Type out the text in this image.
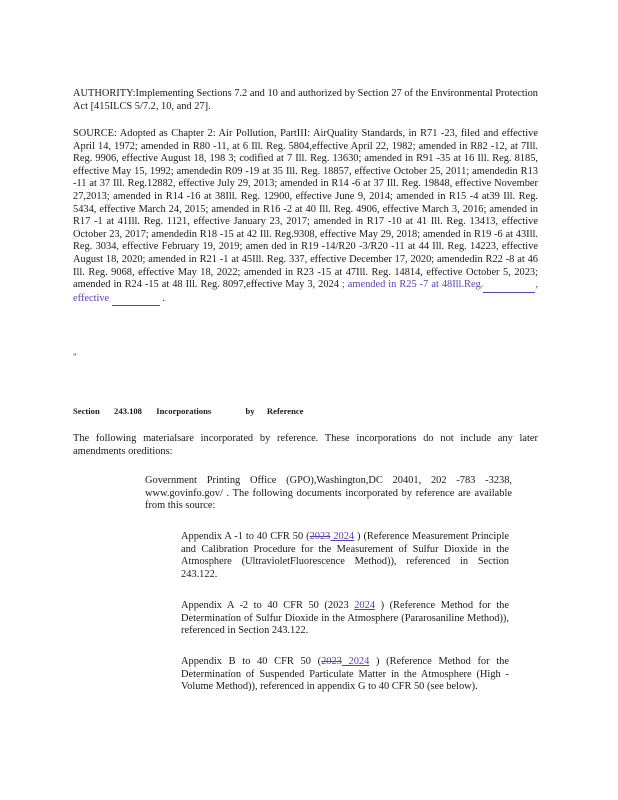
AUTHORITY:Implementing Sections 7.2 and 10 and authorized by Section 27 of the Environmental Protection Act [415ILCS 5/7.2, 10, and 27].
SOURCE: Adopted as Chapter 2: Air Pollution, PartIII: AirQuality Standards, in R71 -23, filed and effective April 14, 1972; amended in R80 -11, at 6 Ill. Reg. 5804,effective April 22, 1982; amended in R82 -12, at 7Ill. Reg. 9906, effective August 18, 198 3; codified at 7 Ill. Reg. 13630; amended in R91 -35 at 16 Ill. Reg. 8185, effective May 15, 1992; amendedin R09 -19 at 35 Ill. Reg. 18857, effective October 25, 2011; amendedin R13 -11 at 37 Ill. Reg.12882, effective July 29, 2013; amended in R14 -6 at 37 Ill. Reg. 19848, effective November 27,2013; amended in R14 -16 at 38Ill. Reg. 12900, effective June 9, 2014; amended in R15 -4 at39 Ill. Reg. 5434, effective March 24, 2015; amended in R16 -2 at 40 Ill. Reg. 4906, effective March 3, 2016; amended in R17 -1 at 41Ill. Reg. 1121, effective January 23, 2017; amended in R17 -10 at 41 Ill. Reg. 13413, effective October 23, 2017; amendedin R18 -15 at 42 Ill. Reg.9308, effective May 29, 2018; amended in R19 -6 at 43Ill. Reg. 3034, effective February 19, 2019; amen ded in R19 -14/R20 -3/R20 -11 at 44 Ill. Reg. 14223, effective August 18, 2020; amended in R21 -1 at 45Ill. Reg. 337, effective December 17, 2020; amendedin R22 -8 at 46 Ill. Reg. 9068, effective May 18, 2022; amended in R23 -15 at 47Ill. Reg. 14814, effective October 5, 2023; amended in R24 -15 at 48 Ill. Reg. 8097,effective May 3, 2024 ; amended in R25 -7 at 48Ill.Reg.	, effective	.
"
Section 243.108 Incorporations	by Reference
The following materialsare incorporated by reference. These incorporations do not include any later amendments oreditions:
Government Printing Office (GPO),Washington,DC 20401, 202 -783 -3238, www.govinfo.gov/ . The following documents incorporated by reference are available from this source:
Appendix A -1 to 40 CFR 50 (2023 2024 ) (Reference Measurement Principle and Calibration Procedure for the Measurement of Sulfur Dioxide in the Atmosphere (UltravioletFluorescence Method)), referenced in Section 243.122.
Appendix A -2 to 40 CFR 50 (2023 2024 ) (Reference Method for the Determination of Sulfur Dioxide in the Atmosphere (Pararosaniline Method)), referenced in Section 243.122.
Appendix B to 40 CFR 50 (2023 2024 ) (Reference Method for the Determination of Suspended Particulate Matter in the Atmosphere (High -Volume Method)), referenced in appendix G to 40 CFR 50 (see below).
